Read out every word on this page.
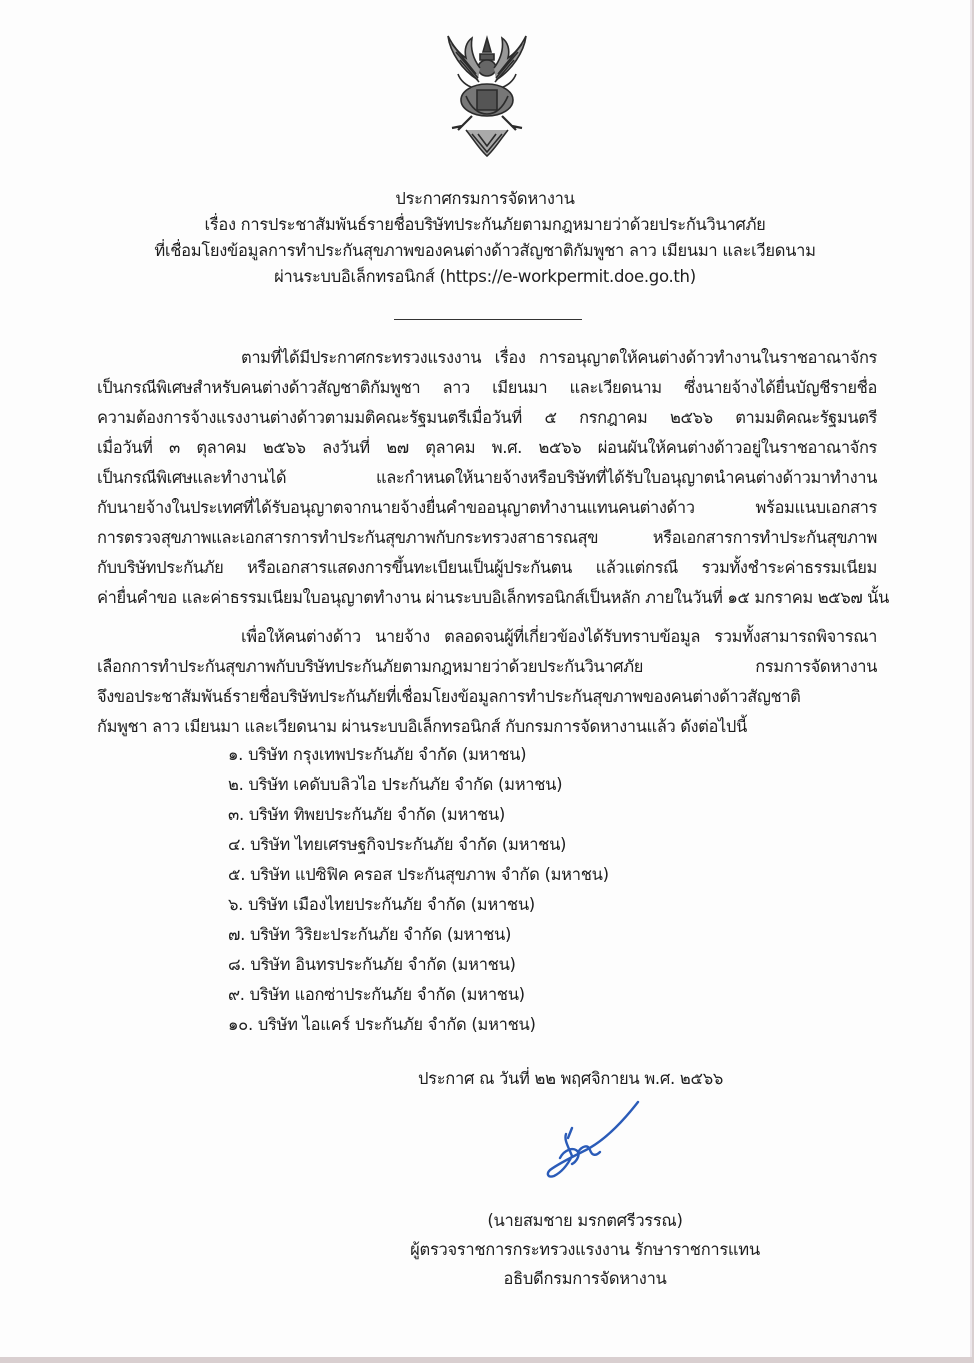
ประกาศกรมการจัดหางาน
เรื่อง การประชาสัมพันธ์รายชื่อบริษัทประกันภัยตามกฎหมายว่าด้วยประกันวินาศภัย
ที่เชื่อมโยงข้อมูลการทำประกันสุขภาพของคนต่างด้าวสัญชาติกัมพูชา ลาว เมียนมา และเวียดนาม
ผ่านระบบอิเล็กทรอนิกส์ (https://e-workpermit.doe.go.th)
ตามที่ได้มีประกาศกระทรวงแรงงาน เรื่อง การอนุญาตให้คนต่างด้าวทำงานในราชอาณาจักร
เป็นกรณีพิเศษสำหรับคนต่างด้าวสัญชาติกัมพูชา ลาว เมียนมา และเวียดนาม ซึ่งนายจ้างได้ยื่นบัญชีรายชื่อ
ความต้องการจ้างแรงงานต่างด้าวตามมติคณะรัฐมนตรีเมื่อวันที่ ๕ กรกฎาคม ๒๕๖๖ ตามมติคณะรัฐมนตรี
เมื่อวันที่ ๓ ตุลาคม ๒๕๖๖ ลงวันที่ ๒๗ ตุลาคม พ.ศ. ๒๕๖๖ ผ่อนผันให้คนต่างด้าวอยู่ในราชอาณาจักร
เป็นกรณีพิเศษและทำงานได้ และกำหนดให้นายจ้างหรือบริษัทที่ได้รับใบอนุญาตนำคนต่างด้าวมาทำงาน
กับนายจ้างในประเทศที่ได้รับอนุญาตจากนายจ้างยื่นคำขออนุญาตทำงานแทนคนต่างด้าว พร้อมแนบเอกสาร
การตรวจสุขภาพและเอกสารการทำประกันสุขภาพกับกระทรวงสาธารณสุข หรือเอกสารการทำประกันสุขภาพ
กับบริษัทประกันภัย หรือเอกสารแสดงการขึ้นทะเบียนเป็นผู้ประกันตน แล้วแต่กรณี รวมทั้งชำระค่าธรรมเนียม
ค่ายื่นคำขอ และค่าธรรมเนียมใบอนุญาตทำงาน ผ่านระบบอิเล็กทรอนิกส์เป็นหลัก ภายในวันที่ ๑๕ มกราคม ๒๕๖๗ นั้น
เพื่อให้คนต่างด้าว นายจ้าง ตลอดจนผู้ที่เกี่ยวข้องได้รับทราบข้อมูล รวมทั้งสามารถพิจารณา
เลือกการทำประกันสุขภาพกับบริษัทประกันภัยตามกฎหมายว่าด้วยประกันวินาศภัย กรมการจัดหางาน
จึงขอประชาสัมพันธ์รายชื่อบริษัทประกันภัยที่เชื่อมโยงข้อมูลการทำประกันสุขภาพของคนต่างด้าวสัญชาติ
กัมพูชา ลาว เมียนมา และเวียดนาม ผ่านระบบอิเล็กทรอนิกส์ กับกรมการจัดหางานแล้ว ดังต่อไปนี้
๑. บริษัท กรุงเทพประกันภัย จำกัด (มหาชน)
๒. บริษัท เคดับบลิวไอ ประกันภัย จำกัด (มหาชน)
๓. บริษัท ทิพยประกันภัย จำกัด (มหาชน)
๔. บริษัท ไทยเศรษฐกิจประกันภัย จำกัด (มหาชน)
๕. บริษัท แปซิฟิค ครอส ประกันสุขภาพ จำกัด (มหาชน)
๖. บริษัท เมืองไทยประกันภัย จำกัด (มหาชน)
๗. บริษัท วิริยะประกันภัย จำกัด (มหาชน)
๘. บริษัท อินทรประกันภัย จำกัด (มหาชน)
๙. บริษัท แอกซ่าประกันภัย จำกัด (มหาชน)
๑๐. บริษัท ไอแคร์ ประกันภัย จำกัด (มหาชน)
ประกาศ ณ วันที่ ๒๒ พฤศจิกายน พ.ศ. ๒๕๖๖
(นายสมชาย มรกตศรีวรรณ)
ผู้ตรวจราชการกระทรวงแรงงาน รักษาราชการแทน
อธิบดีกรมการจัดหางาน
